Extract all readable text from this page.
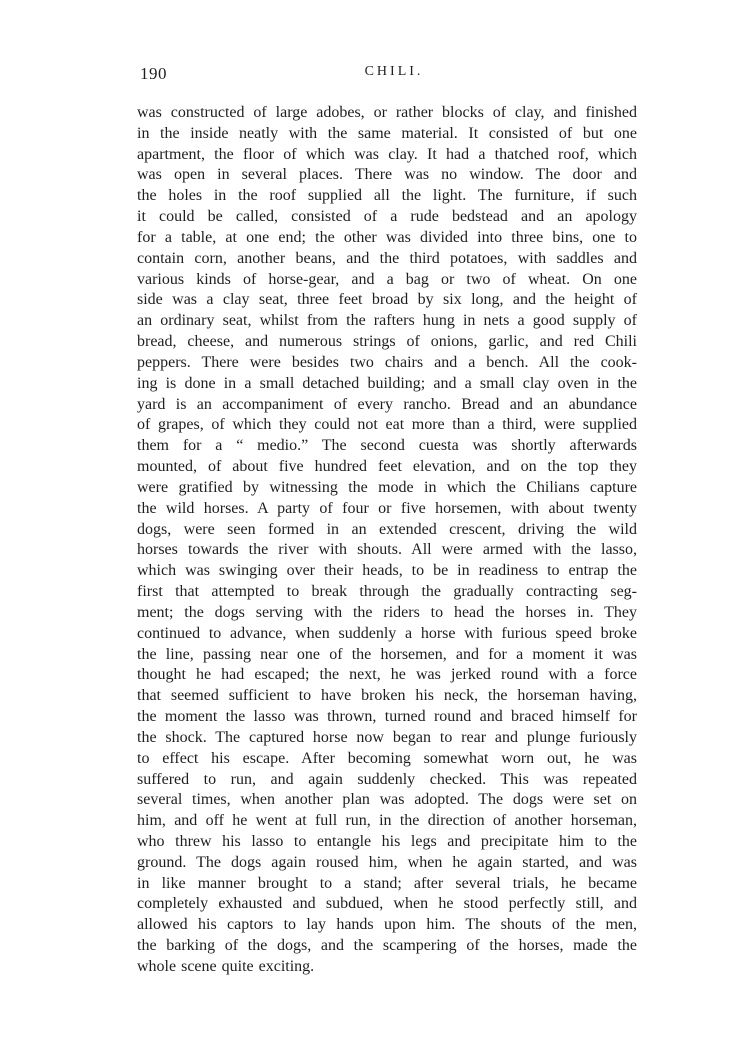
190	CHILI.

was constructed of large adobes, or rather blocks of clay, and finished
in the inside neatly with the same material. It consisted of but one
apartment, the floor of which was clay. It had a thatched roof, which
was open in several places. There was no window. The door and
the holes in the roof supplied all the light. The furniture, if such
it could be called, consisted of a rude bedstead and an apology
for a table, at one end; the other was divided into three bins, one to
contain corn, another beans, and the third potatoes, with saddles and
various kinds of horse-gear, and a bag or two of wheat. On one
side was a clay seat, three feet broad by six long, and the height of
an ordinary seat, whilst from the rafters hung in nets a good supply of
bread, cheese, and numerous strings of onions, garlic, and red Chili
peppers. There were besides two chairs and a bench. All the cook-
ing is done in a small detached building; and a small clay oven in the
yard is an accompaniment of every rancho. Bread and an abundance
of grapes, of which they could not eat more than a third, were supplied
them for a “ medio.” The second cuesta was shortly afterwards
mounted, of about five hundred feet elevation, and on the top they
were gratified by witnessing the mode in which the Chilians capture
the wild horses. A party of four or five horsemen, with about twenty
dogs, were seen formed in an extended crescent, driving the wild
horses towards the river with shouts. All were armed with the lasso,
which was swinging over their heads, to be in readiness to entrap the
first that attempted to break through the gradually contracting seg-
ment; the dogs serving with the riders to head the horses in. They
continued to advance, when suddenly a horse with furious speed broke
the line, passing near one of the horsemen, and for a moment it was
thought he had escaped; the next, he was jerked round with a force
that seemed sufficient to have broken his neck, the horseman having,
the moment the lasso was thrown, turned round and braced himself for
the shock. The captured horse now began to rear and plunge furiously
to effect his escape. After becoming somewhat worn out, he was
suffered to run, and again suddenly checked. This was repeated
several times, when another plan was adopted. The dogs were set on
him, and off he went at full run, in the direction of another horseman,
who threw his lasso to entangle his legs and precipitate him to the
ground. The dogs again roused him, when he again started, and was
in like manner brought to a stand; after several trials, he became
completely exhausted and subdued, when he stood perfectly still, and
allowed his captors to lay hands upon him. The shouts of the men,
the barking of the dogs, and the scampering of the horses, made the
whole scene quite exciting.
